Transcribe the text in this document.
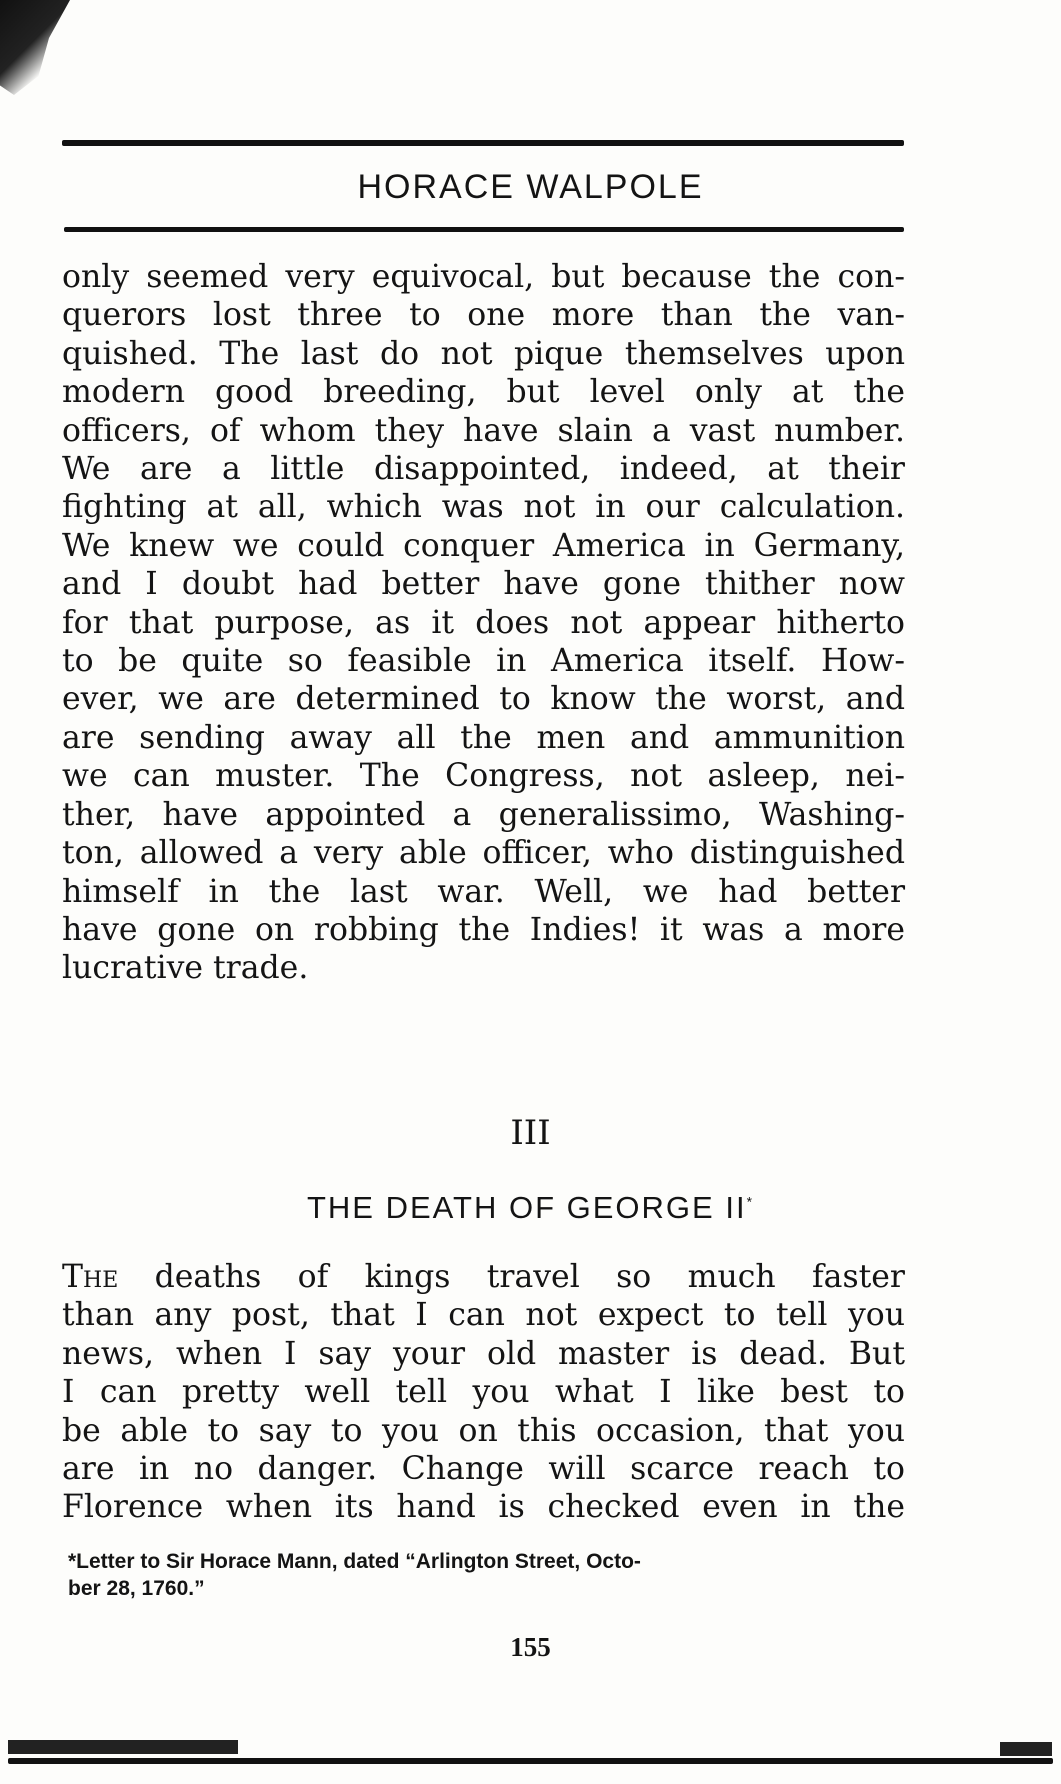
HORACE WALPOLE
only seemed very equivocal, but because the con-
querors lost three to one more than the van-
quished. The last do not pique themselves upon
modern good breeding, but level only at the
officers, of whom they have slain a vast number.
We are a little disappointed, indeed, at their
fighting at all, which was not in our calculation.
We knew we could conquer America in Germany,
and I doubt had better have gone thither now
for that purpose, as it does not appear hitherto
to be quite so feasible in America itself. How-
ever, we are determined to know the worst, and
are sending away all the men and ammunition
we can muster. The Congress, not asleep, nei-
ther, have appointed a generalissimo, Washing-
ton, allowed a very able officer, who distinguished
himself in the last war. Well, we had better
have gone on robbing the Indies! it was a more
lucrative trade.
III
THE DEATH OF GEORGE II*
The deaths of kings travel so much faster
than any post, that I can not expect to tell you
news, when I say your old master is dead. But
I can pretty well tell you what I like best to
be able to say to you on this occasion, that you
are in no danger. Change will scarce reach to
Florence when its hand is checked even in the
*Letter to Sir Horace Mann, dated “Arlington Street, Octo-
ber 28, 1760.”
155
